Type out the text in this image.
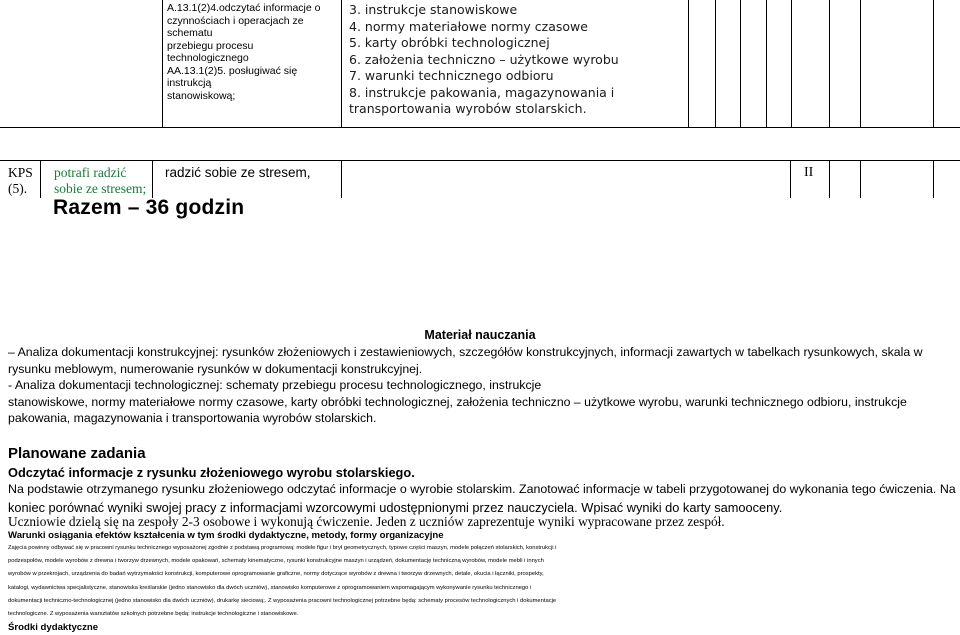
A.13.1(2)4.odczytać informacje o
czynnościach i operacjach ze schematu
przebiegu procesu technologicznego
AA.13.1(2)5. posługiwać się instrukcją
stanowiskową;
3. instrukcje stanowiskowe
4. normy materiałowe normy czasowe
5. karty obróbki technologicznej
6. założenia techniczno – użytkowe wyrobu
7. warunki technicznego odbioru
8. instrukcje pakowania, magazynowania i
transportowania wyrobów stolarskich.
KPS
(5).
potrafi radzić
sobie ze stresem;
radzić sobie ze stresem,	II
Razem – 36 godzin
Materiał nauczania
– Analiza dokumentacji konstrukcyjnej: rysunków złożeniowych i zestawieniowych, szczegółów konstrukcyjnych, informacji zawartych w tabelkach rysunkowych, skala w
rysunku meblowym, numerowanie rysunków w dokumentacji konstrukcyjnej.
- Analiza dokumentacji technologicznej: schematy przebiegu procesu technologicznego, instrukcje
stanowiskowe, normy materiałowe normy czasowe, karty obróbki technologicznej, założenia techniczno – użytkowe wyrobu, warunki technicznego odbioru, instrukcje
pakowania, magazynowania i transportowania wyrobów stolarskich.
Planowane zadania
Odczytać informacje z rysunku złożeniowego wyrobu stolarskiego.
Na podstawie otrzymanego rysunku złożeniowego odczytać informacje o wyrobie stolarskim. Zanotować informacje w tabeli przygotowanej do wykonania tego ćwiczenia. Na
koniec porównać wyniki swojej pracy z informacjami wzorcowymi udostępnionymi przez nauczyciela. Wpisać wyniki do karty samooceny.
Uczniowie dzielą się na zespoły 2-3 osobowe i wykonują ćwiczenie. Jeden z uczniów zaprezentuje wyniki wypracowane przez zespół.
Warunki osiągania efektów kształcenia w tym środki dydaktyczne, metody, formy organizacyjne
Zajęcia powinny odbywać się w pracowni rysunku technicznego wyposażonej zgodnie z podstawą programową: modele figur i brył geometrycznych, typowe części maszyn, modele połączeń stolarskich, konstrukcji i
podzespołów, modele wyrobów z drewna i tworzyw drzewnych, modele opakowań, schematy kinematyczne, rysunki konstrukcyjne maszyn i urządzeń, dokumentację techniczną wyrobów, modele mebli i innych
wyrobów w przekrojach, urządzenia do badań wytrzymałości konstrukcji, komputerowe oprogramowanie graficzne, normy dotyczące wyrobów z drewna i tworzyw drzewnych, detale, okucia i łączniki, prospekty,
katalogi, wydawnictwa specjalistyczne, stanowiska kreślarskie (jedno stanowisko dla dwóch uczniów), stanowisko komputerowe z oprogramowaniem wspomagającym wykonywanie rysunku technicznego i
dokumentacji techniczno-technologicznej (jedno stanowisko dla dwóch uczniów), drukarkę sieciową;. Z wyposażenia pracowni technologicznej potrzebne będą: schematy procesów technologicznych i dokumentacje
technologiczne. Z wyposażenia warsztatów szkolnych potrzebne będą: instrukcje technologiczne i stanowiskowe.
Środki dydaktyczne
